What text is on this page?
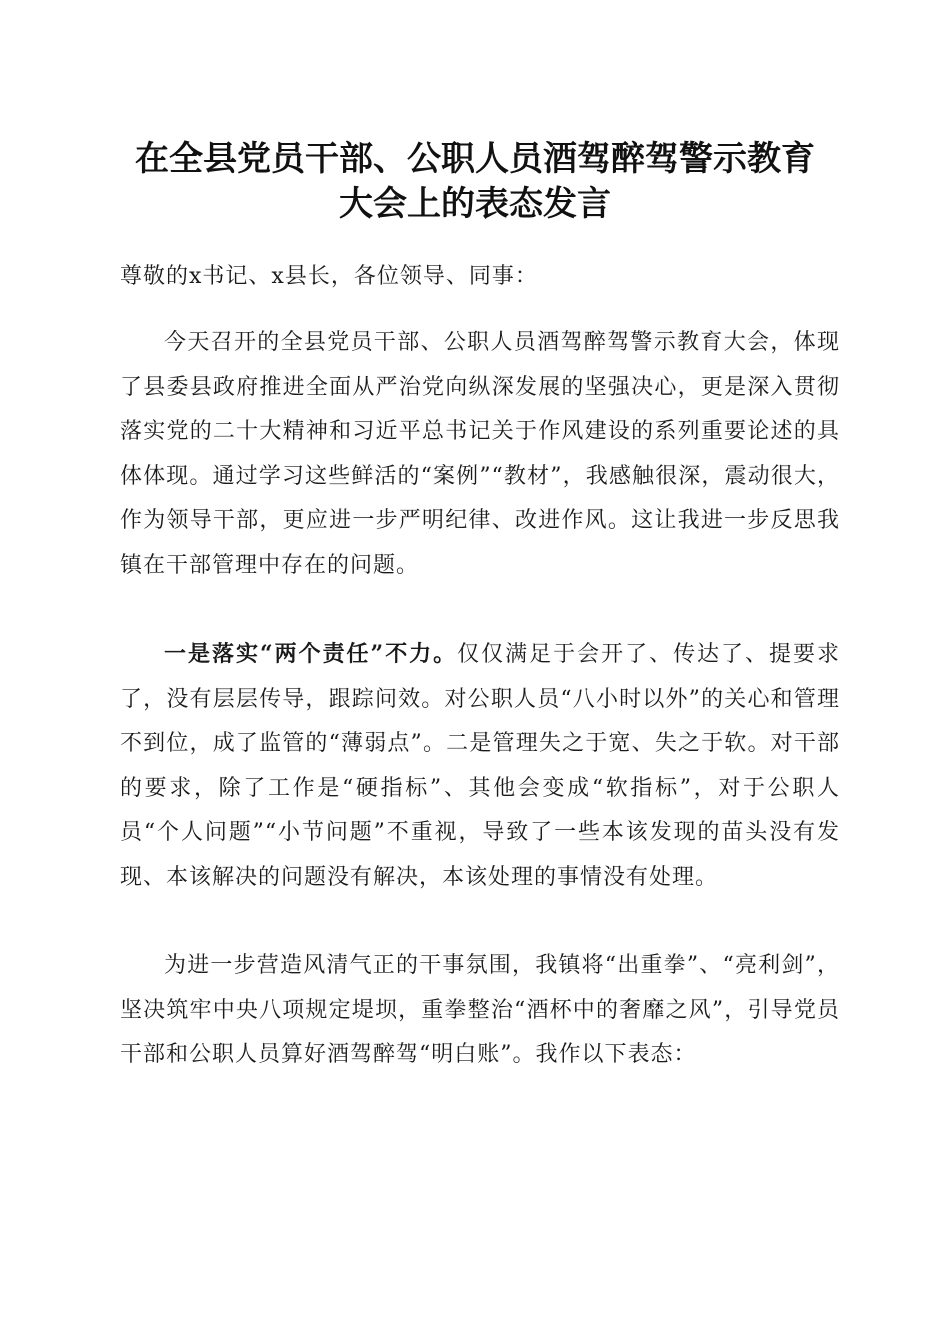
在全县党员干部、公职人员酒驾醉驾警示教育
大会上的表态发言
尊敬的x书记、x县长，各位领导、同事：
今天召开的全县党员干部、公职人员酒驾醉驾警示教育大会，体现了县委县政府推进全面从严治党向纵深发展的坚强决心，更是深入贯彻落实党的二十大精神和习近平总书记关于作风建设的系列重要论述的具体体现。通过学习这些鲜活的“案例”“教材”，我感触很深，震动很大，作为领导干部，更应进一步严明纪律、改进作风。这让我进一步反思我镇在干部管理中存在的问题。
一是落实“两个责任”不力。仅仅满足于会开了、传达了、提要求了，没有层层传导，跟踪问效。对公职人员“八小时以外”的关心和管理不到位，成了监管的“薄弱点”。二是管理失之于宽、失之于软。对干部的要求，除了工作是“硬指标”、其他会变成“软指标”，对于公职人员“个人问题”“小节问题”不重视，导致了一些本该发现的苗头没有发现、本该解决的问题没有解决，本该处理的事情没有处理。
为进一步营造风清气正的干事氛围，我镇将“出重拳”、“亮利剑”，坚决筑牢中央八项规定堤坝，重拳整治“酒杯中的奢靡之风”，引导党员干部和公职人员算好酒驾醉驾“明白账”。我作以下表态：
